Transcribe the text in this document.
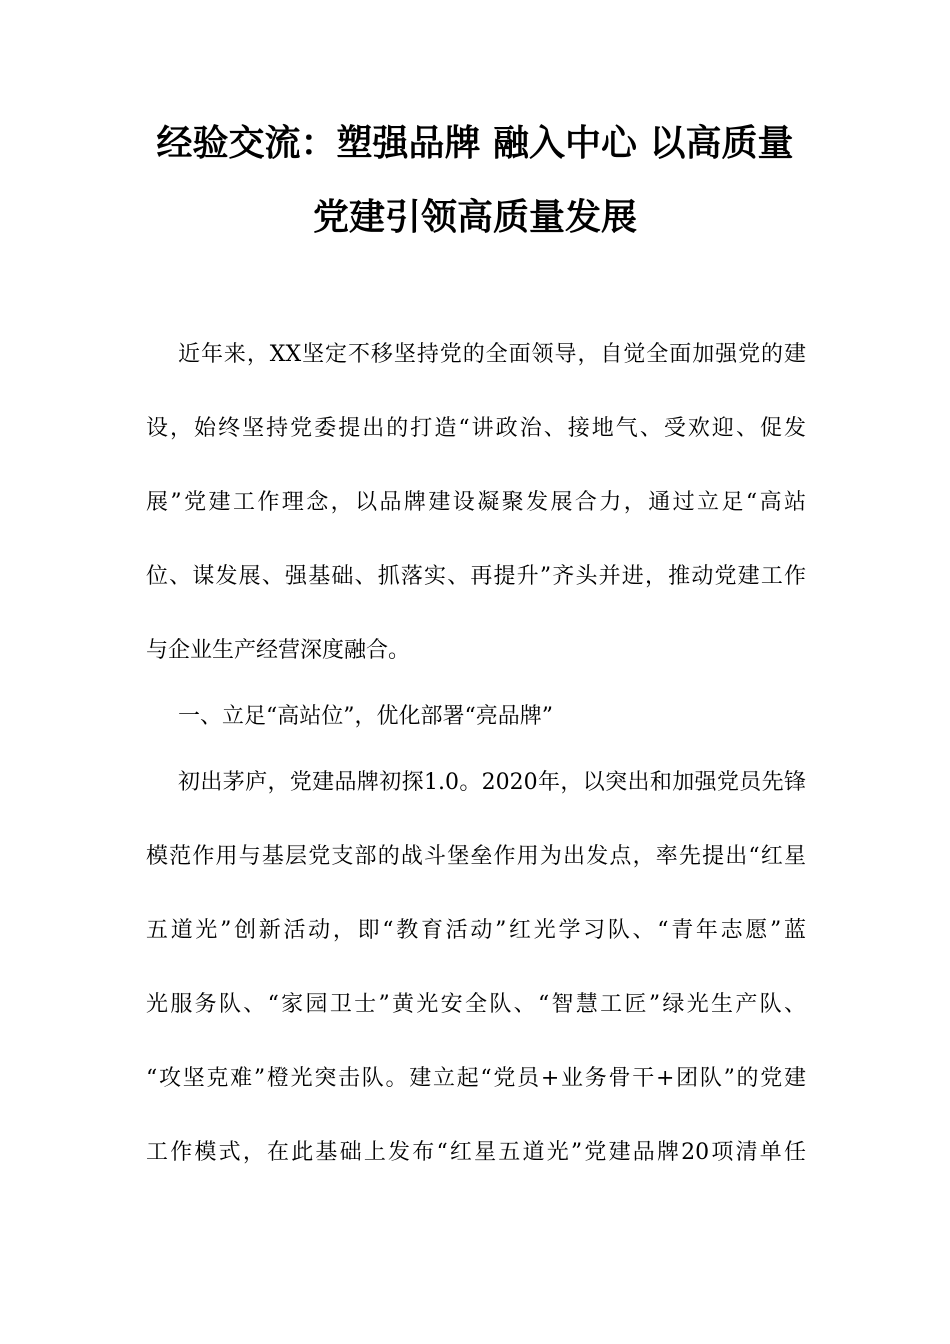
经验交流：塑强品牌 融入中心 以高质量
党建引领高质量发展
近年来，XX坚定不移坚持党的全面领导，自觉全面加强党的建
设，始终坚持党委提出的打造“讲政治、接地气、受欢迎、促发
展”党建工作理念，以品牌建设凝聚发展合力，通过立足“高站
位、谋发展、强基础、抓落实、再提升”齐头并进，推动党建工作
与企业生产经营深度融合。
一、立足“高站位”，优化部署“亮品牌”
初出茅庐，党建品牌初探1.0。2020年，以突出和加强党员先锋
模范作用与基层党支部的战斗堡垒作用为出发点，率先提出“红星
五道光”创新活动，即“教育活动”红光学习队、“青年志愿”蓝
光服务队、“家园卫士”黄光安全队、“智慧工匠”绿光生产队、
“攻坚克难”橙光突击队。建立起“党员+业务骨干+团队”的党建
工作模式，在此基础上发布“红星五道光”党建品牌20项清单任
